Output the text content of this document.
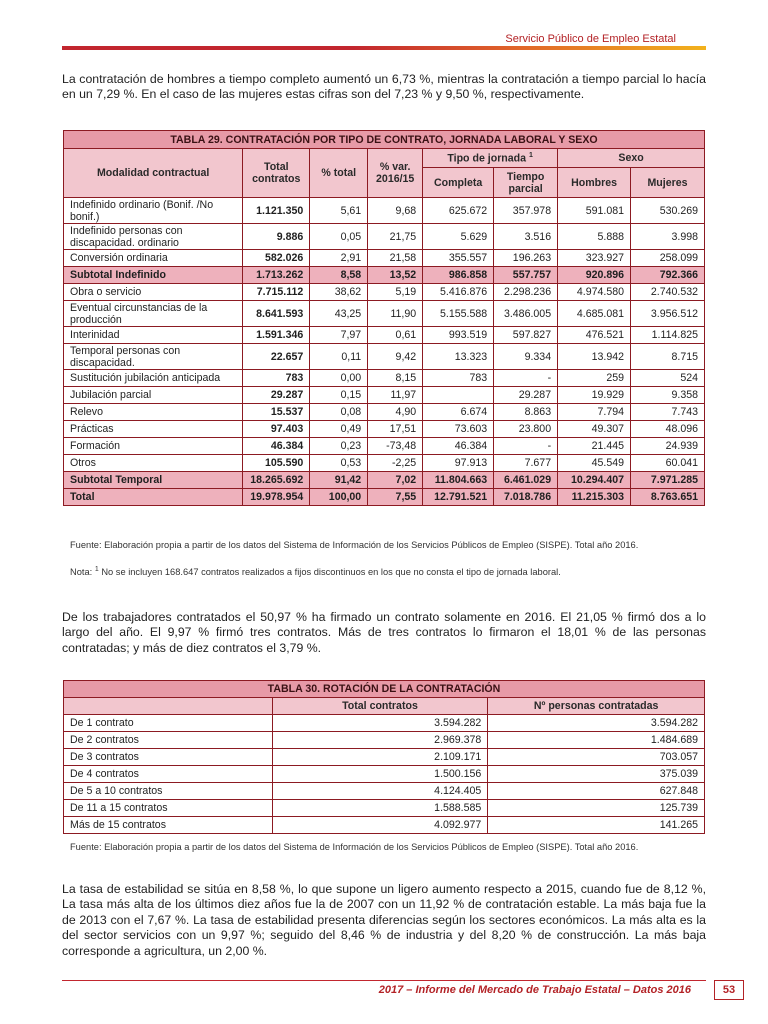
Servicio Público de Empleo Estatal

La contratación de hombres a tiempo completo aumentó un 6,73 %, mientras la contratación a tiempo parcial lo hacía en un 7,29 %. En el caso de las mujeres estas cifras son del 7,23 % y 9,50 %, respectivamente.

TABLA 29. CONTRATACIÓN POR TIPO DE CONTRATO, JORNADA LABORAL Y SEXO							
Modalidad contractual	Total contratos	% total	% var. 2016/15	Tipo de jornada $^1$		Sexo	
				Completa	Tiempo parcial	Hombres	Mujeres
Indefinido ordinario (Bonif. /No bonif.)	1.121.350	5,61	9,68	625.672	357.978	591.081	530.269
Indefinido personas con discapacidad. ordinario	9.886	0,05	21,75	5.629	3.516	5.888	3.998
Conversión ordinaria	582.026	2,91	21,58	355.557	196.263	323.927	258.099
Subtotal Indefinido	1.713.262	8,58	13,52	986.858	557.757	920.896	792.366
Obra o servicio	7.715.112	38,62	5,19	5.416.876	2.298.236	4.974.580	2.740.532
Eventual circunstancias de la producción	8.641.593	43,25	11,90	5.155.588	3.486.005	4.685.081	3.956.512
Interinidad	1.591.346	7,97	0,61	993.519	597.827	476.521	1.114.825
Temporal personas con discapacidad.	22.657	0,11	9,42	13.323	9.334	13.942	8.715
Sustitución jubilación anticipada	783	0,00	8,15	783	-	259	524
Jubilación parcial	29.287	0,15	11,97		29.287	19.929	9.358
Relevo	15.537	0,08	4,90	6.674	8.863	7.794	7.743
Prácticas	97.403	0,49	17,51	73.603	23.800	49.307	48.096
Formación	46.384	0,23	-73,48	46.384	-	21.445	24.939
Otros	105.590	0,53	-2,25	97.913	7.677	45.549	60.041
Subtotal Temporal	18.265.692	91,42	7,02	11.804.663	6.461.029	10.294.407	7.971.285
Total	19.978.954	100,00	7,55	12.791.521	7.018.786	11.215.303	8.763.651

Fuente: Elaboración propia a partir de los datos del Sistema de Información de los Servicios Públicos de Empleo (SISPE). Total año 2016.

Nota: $^1$ No se incluyen 168.647 contratos realizados a fijos discontinuos en los que no consta el tipo de jornada laboral.

De los trabajadores contratados el 50,97 % ha firmado un contrato solamente en 2016. El 21,05 % firmó dos a lo largo del año. El 9,97 % firmó tres contratos. Más de tres contratos lo firmaron el 18,01 % de las personas contratadas; y más de diez contratos el 3,79 %.

TABLA 30. ROTACIÓN DE LA CONTRATACIÓN		
	Total contratos	Nº personas contratadas
De 1 contrato	3.594.282	3.594.282
De 2 contratos	2.969.378	1.484.689
De 3 contratos	2.109.171	703.057
De 4 contratos	1.500.156	375.039
De 5 a 10 contratos	4.124.405	627.848
De 11 a 15 contratos	1.588.585	125.739
Más de 15 contratos	4.092.977	141.265

Fuente: Elaboración propia a partir de los datos del Sistema de Información de los Servicios Públicos de Empleo (SISPE). Total año 2016.

La tasa de estabilidad se sitúa en 8,58 %, lo que supone un ligero aumento respecto a 2015, cuando fue de 8,12 %, La tasa más alta de los últimos diez años fue la de 2007 con un 11,92 % de contratación estable. La más baja fue la de 2013 con el 7,67 %. La tasa de estabilidad presenta diferencias según los sectores económicos. La más alta es la del sector servicios con un 9,97 %; seguido del 8,46 % de industria y del 8,20 % de construcción. La más baja corresponde a agricultura, un 2,00 %.

2017 – Informe del Mercado de Trabajo Estatal – Datos 2016	53
